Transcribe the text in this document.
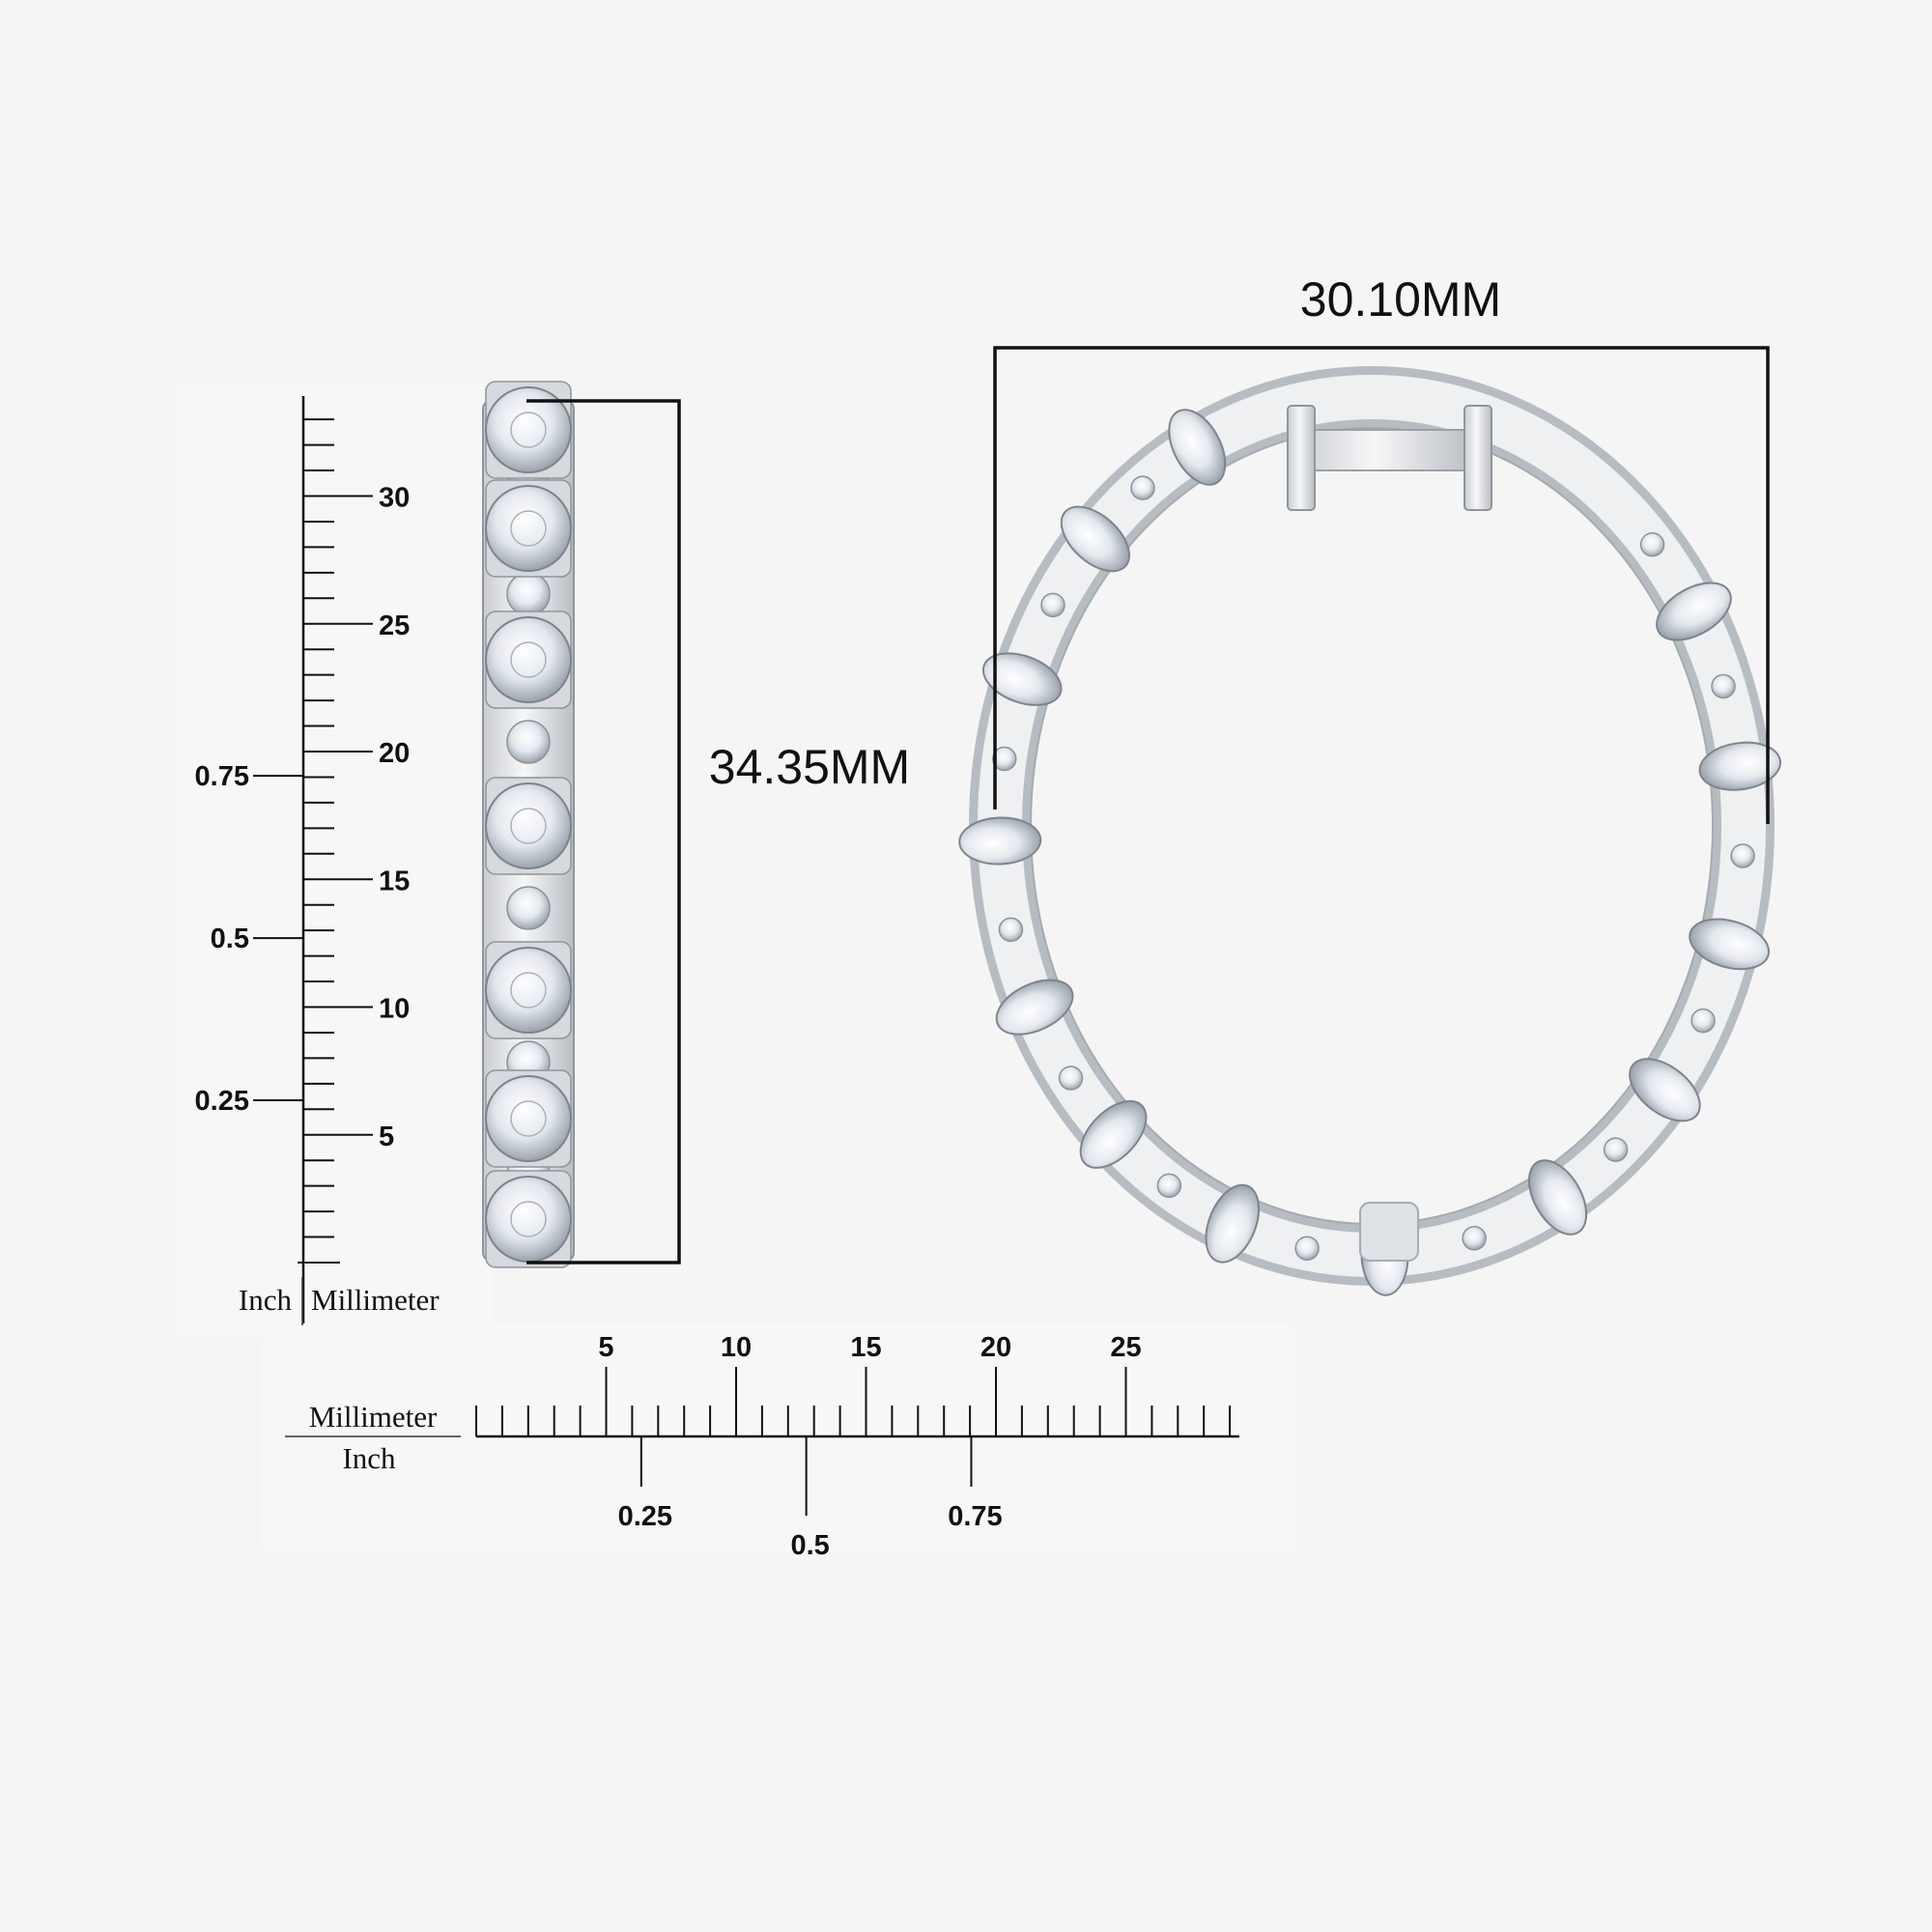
5
10
15
20
25
30
0.25
0.5
0.75
Inch Millimeter
34.35MM
30.10MM
5	10	15	20	25
0.25
0.5
0.75
Millimeter
Inch
